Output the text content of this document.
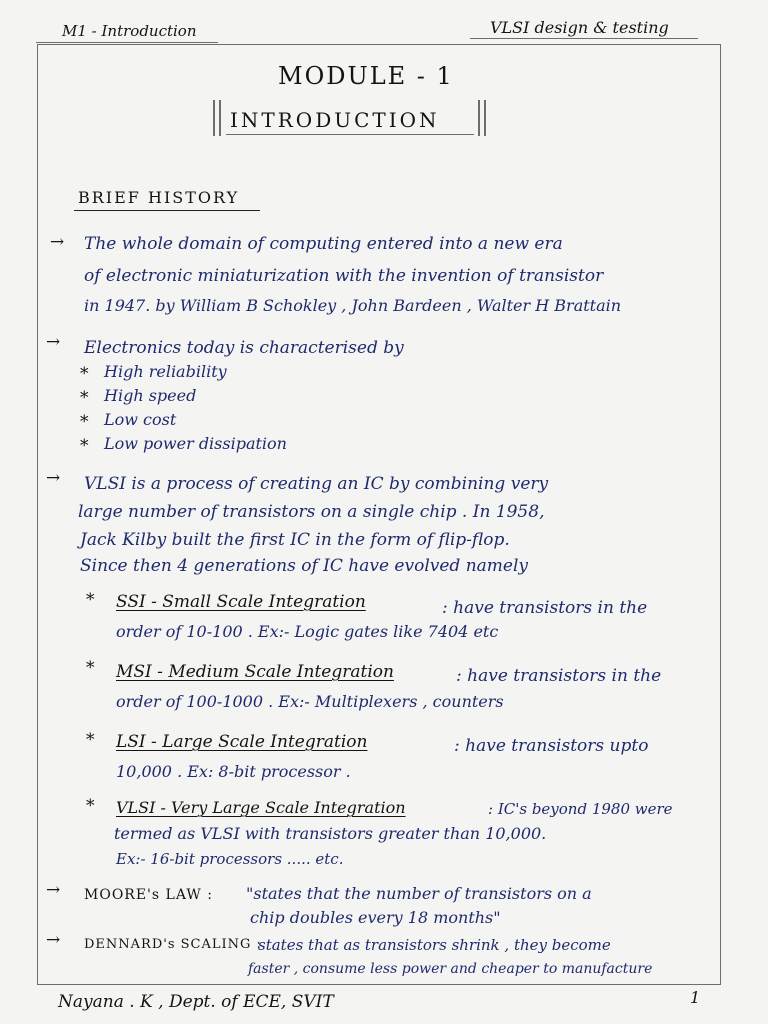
M1 - Introduction	VLSI design & testing
MODULE - 1
INTRODUCTION
BRIEF HISTORY
→ The whole domain of computing entered into a new era
of electronic miniaturization with the invention of transistor
in 1947. by William B Schokley , John Bardeen , Walter H Brattain
→ Electronics today is characterised by
* High reliability
* High speed
* Low cost
* Low power dissipation
→ VLSI is a process of creating an IC by combining very
large number of transistors on a single chip . In 1958,
Jack Kilby built the first IC in the form of flip-flop.
Since then 4 generations of IC have evolved namely
* SSI - Small Scale Integration	: have transistors in the
order of 10-100 . Ex:- Logic gates like 7404 etc
* MSI - Medium Scale Integration	: have transistors in the
order of 100-1000 . Ex:- Multiplexers , counters
* LSI - Large Scale Integration	: have transistors upto
10,000 . Ex: 8-bit processor .
* VLSI - Very Large Scale Integration	: IC's beyond 1980 were
termed as VLSI with transistors greater than 10,000.
Ex:- 16-bit processors ..... etc.
→ MOORE's LAW : "states that the number of transistors on a
chip doubles every 18 months"
→ DENNARD's SCALING :
states that as transistors shrink , they become
faster , consume less power and cheaper to manufacture
Nayana . K , Dept. of ECE, SVIT	1
